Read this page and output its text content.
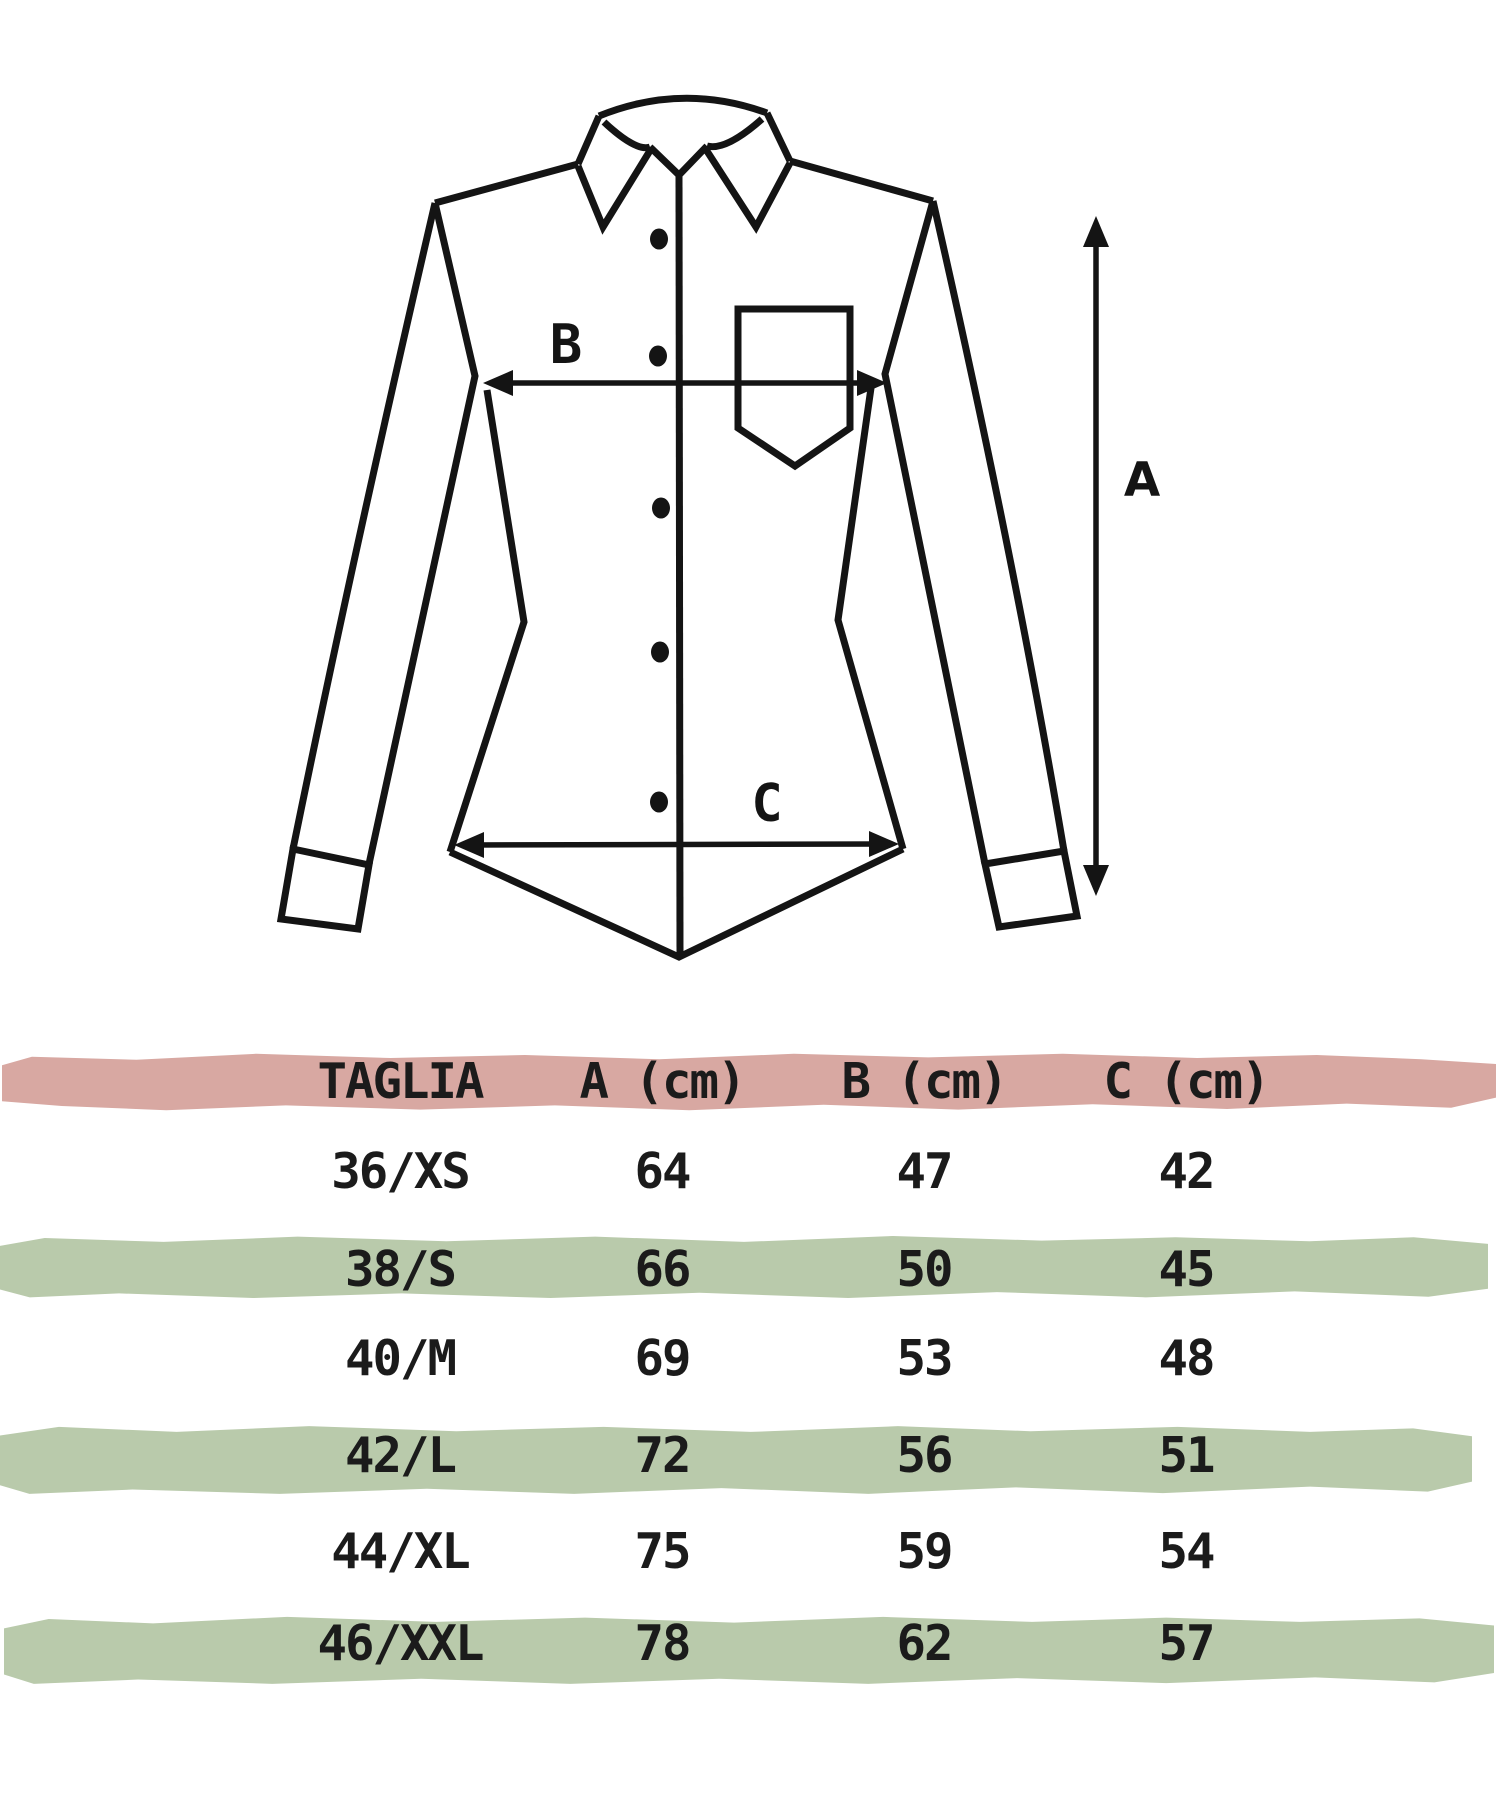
B
C
A
TAGLIA	A (cm)	B (cm)	C (cm)
36/XS	64	47	42
38/S	66	50	45
40/M	69	53	48
42/L	72	56	51
44/XL	75	59	54
46/XXL	78	62	57
